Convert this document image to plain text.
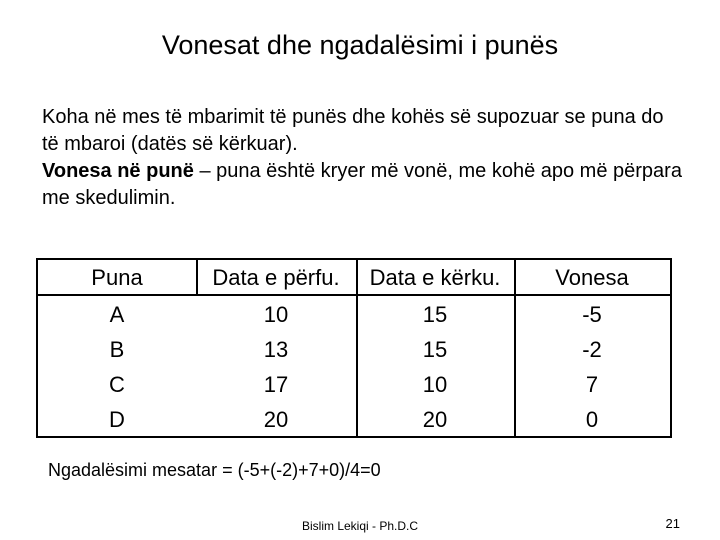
Vonesat dhe ngadalësimi i punës

Koha në mes të mbarimit të punës dhe kohës së supozuar se puna do të mbaroi (datës së kërkuar).

Vonesa në punë – puna është kryer më vonë, me kohë apo më përpara me skedulimin.

Puna	Data e përfu.	Data e kërku.	Vonesa
A	10	15	-5
B	13	15	-2
C	17	10	7
D	20	20	0
Ngadalësimi mesatar = (-5+(-2)+7+0)/4=0
Bislim Lekiqi - Ph.D.C	21
